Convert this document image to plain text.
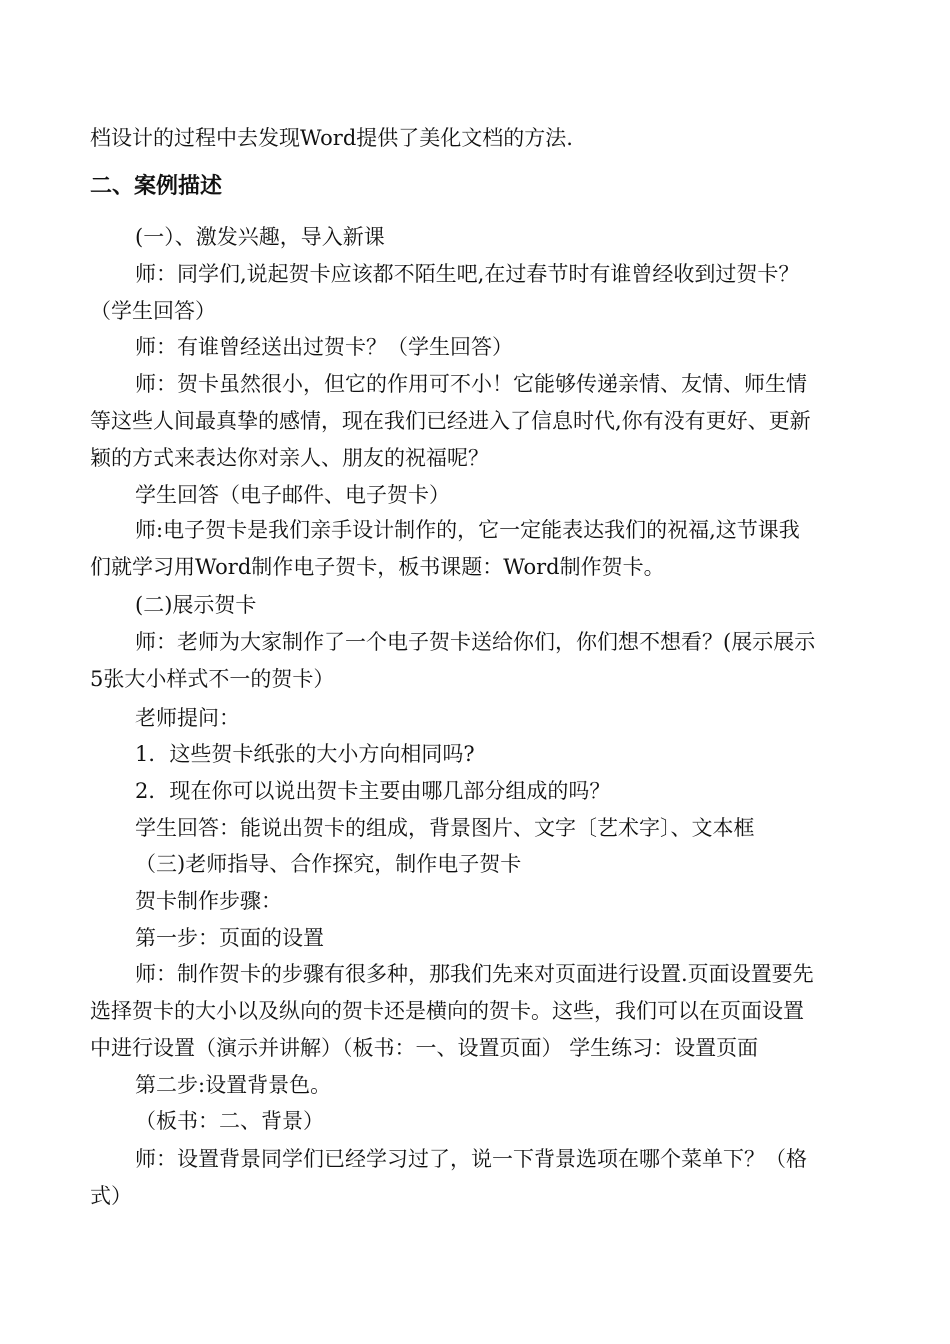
档设计的过程中去发现Word提供了美化文档的方法.
二、案例描述
(一）、激发兴趣，导入新课
师：同学们,说起贺卡应该都不陌生吧,在过春节时有谁曾经收到过贺卡？
（学生回答）
师：有谁曾经送出过贺卡？（学生回答）
师：贺卡虽然很小，但它的作用可不小！它能够传递亲情、友情、师生情
等这些人间最真挚的感情，现在我们已经进入了信息时代,你有没有更好、更新
颖的方式来表达你对亲人、朋友的祝福呢？
学生回答（电子邮件、电子贺卡）
师:电子贺卡是我们亲手设计制作的，它一定能表达我们的祝福,这节课我
们就学习用Word制作电子贺卡，板书课题：Word制作贺卡。
(二)展示贺卡
师：老师为大家制作了一个电子贺卡送给你们，你们想不想看？(展示展示
5张大小样式不一的贺卡）
老师提问：
1．这些贺卡纸张的大小方向相同吗?
2．现在你可以说出贺卡主要由哪几部分组成的吗？
学生回答：能说出贺卡的组成，背景图片、文字〔艺术字〕、文本框
（三)老师指导、合作探究，制作电子贺卡
贺卡制作步骤：
第一步：页面的设置
师：制作贺卡的步骤有很多种，那我们先来对页面进行设置.页面设置要先
选择贺卡的大小以及纵向的贺卡还是横向的贺卡。这些，我们可以在页面设置
中进行设置（演示并讲解）（板书：一、设置页面） 学生练习：设置页面
第二步:设置背景色。
（板书：二、背景）
师：设置背景同学们已经学习过了，说一下背景选项在哪个菜单下？（格
式）
